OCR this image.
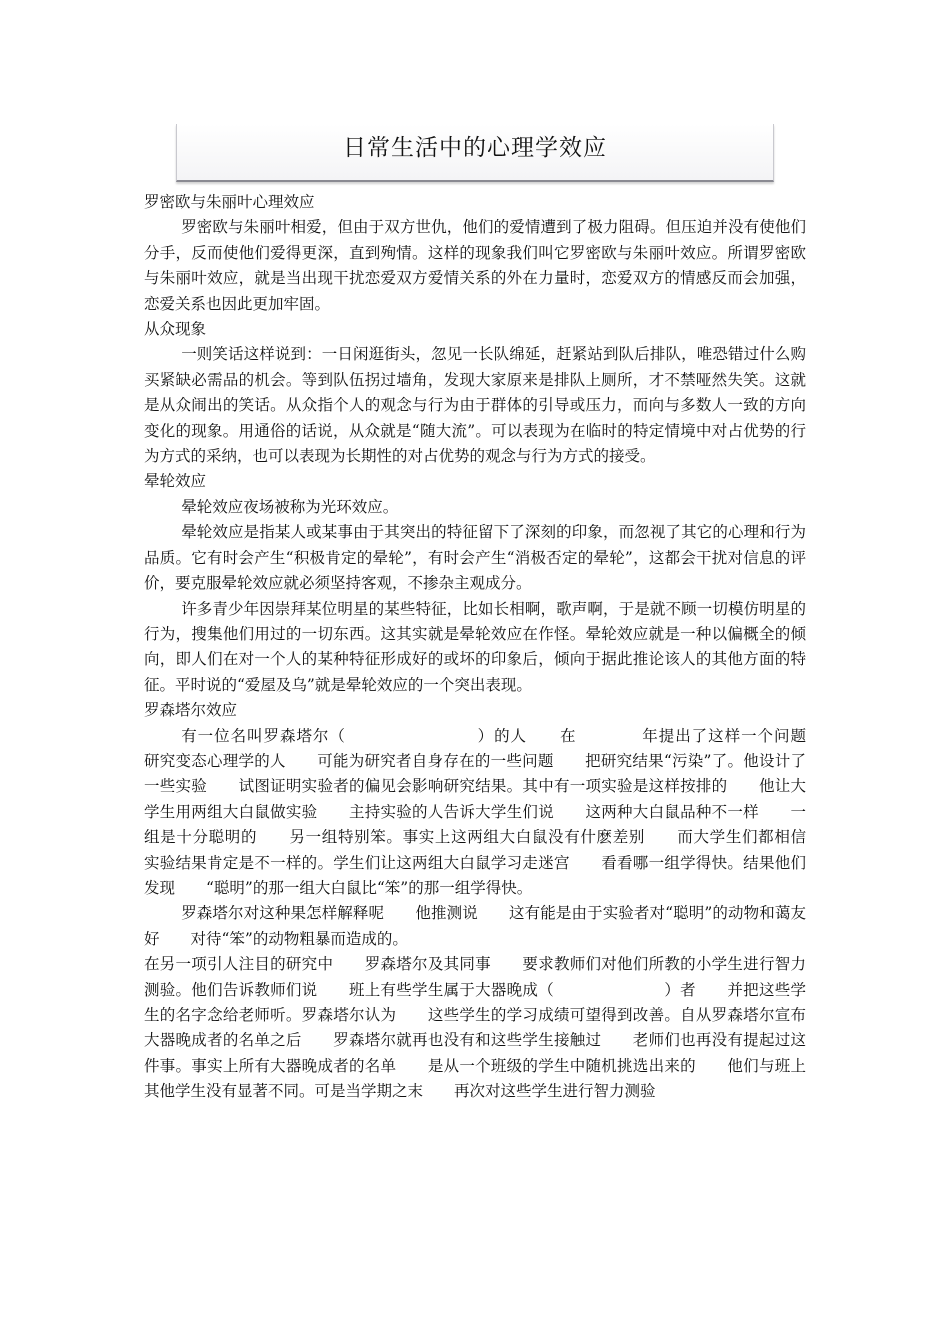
日常生活中的心理学效应

罗密欧与朱丽叶心理效应

罗密欧与朱丽叶相爱，但由于双方世仇，他们的爱情遭到了极力阻碍。但压迫并没有使他们分手，反而使他们爱得更深，直到殉情。这样的现象我们叫它罗密欧与朱丽叶效应。所谓罗密欧与朱丽叶效应，就是当出现干扰恋爱双方爱情关系的外在力量时，恋爱双方的情感反而会加强，恋爱关系也因此更加牢固。

从众现象

一则笑话这样说到：一日闲逛街头，忽见一长队绵延，赶紧站到队后排队，唯恐错过什么购买紧缺必需品的机会。等到队伍拐过墙角，发现大家原来是排队上厕所，才不禁哑然失笑。这就是从众闹出的笑话。从众指个人的观念与行为由于群体的引导或压力，而向与多数人一致的方向变化的现象。用通俗的话说，从众就是“随大流”。可以表现为在临时的特定情境中对占优势的行为方式的采纳，也可以表现为长期性的对占优势的观念与行为方式的接受。

晕轮效应

晕轮效应夜场被称为光环效应。

晕轮效应是指某人或某事由于其突出的特征留下了深刻的印象，而忽视了其它的心理和行为品质。它有时会产生“积极肯定的晕轮”，有时会产生“消极否定的晕轮”，这都会干扰对信息的评价，要克服晕轮效应就必须坚持客观，不掺杂主观成分。

许多青少年因崇拜某位明星的某些特征，比如长相啊，歌声啊，于是就不顾一切模仿明星的行为，搜集他们用过的一切东西。这其实就是晕轮效应在作怪。晕轮效应就是一种以偏概全的倾向，即人们在对一个人的某种特征形成好的或坏的印象后，倾向于据此推论该人的其他方面的特征。平时说的“爱屋及乌”就是晕轮效应的一个突出表现。

罗森塔尔效应

有一位名叫罗森塔尔（　　　　　　　　）的人　　在　　　　年提出了这样一个问题　　研究变态心理学的人　　可能为研究者自身存在的一些问题　　把研究结果“污染”了。他设计了一些实验　　试图证明实验者的偏见会影响研究结果。其中有一项实验是这样按排的　　他让大学生用两组大白鼠做实验　　主持实验的人告诉大学生们说　　这两种大白鼠品种不一样　　一组是十分聪明的　　另一组特别笨。事实上这两组大白鼠没有什麽差别　　而大学生们都相信　　实验结果肯定是不一样的。学生们让这两组大白鼠学习走迷宫　　看看哪一组学得快。结果他们发现　　“聪明”的那一组大白鼠比“笨”的那一组学得快。

罗森塔尔对这种果怎样解释呢　　他推测说　　这有能是由于实验者对“聪明”的动物和蔼友好　　对待“笨”的动物粗暴而造成的。

在另一项引人注目的研究中　　罗森塔尔及其同事　　要求教师们对他们所教的小学生进行智力测验。他们告诉教师们说　　班上有些学生属于大器晚成（　　　　　　　）者　　并把这些学生的名字念给老师听。罗森塔尔认为　　这些学生的学习成绩可望得到改善。自从罗森塔尔宣布大器晚成者的名单之后　　罗森塔尔就再也没有和这些学生接触过　　老师们也再没有提起过这件事。事实上所有大器晚成者的名单　　是从一个班级的学生中随机挑选出来的　　他们与班上其他学生没有显著不同。可是当学期之末　　再次对这些学生进行智力测验
